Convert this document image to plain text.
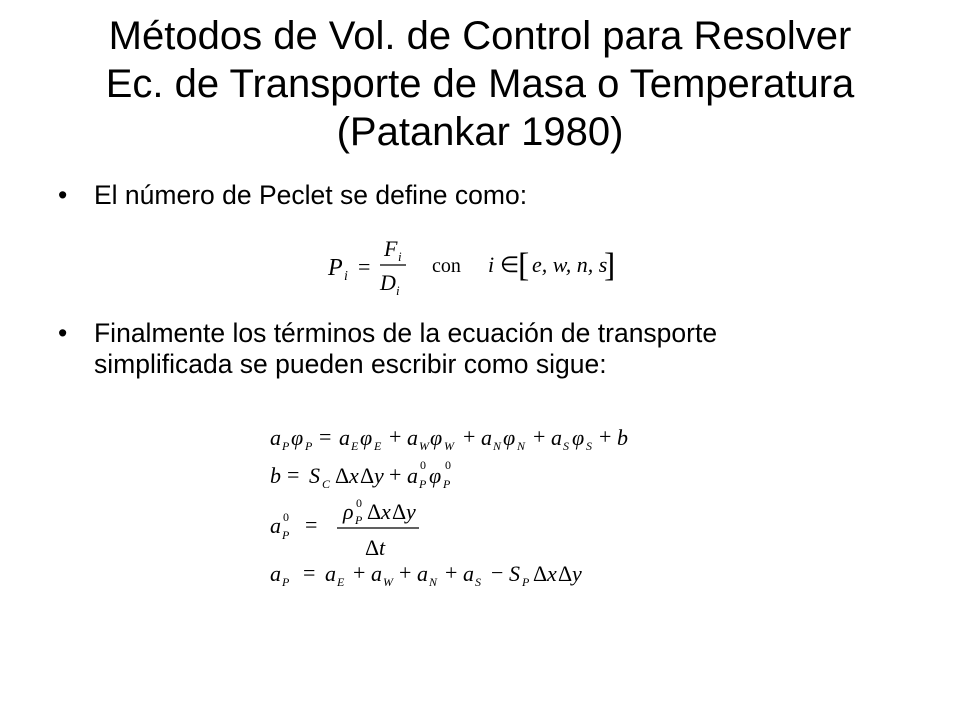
Métodos de Vol. de Control para Resolver
Ec. de Transporte de Masa o Temperatura
(Patankar 1980)
• El número de Peclet se define como:
P i =
F i
D i
con i ∈
[ e, w, n, s
]
• Finalmente los términos de la ecuación de transporte
simplificada se pueden escribir como sigue:
a P φ P = a E φ E + a W φ W + a N φ N + a S φ S + b
b = S C Δ x Δ y + a 0
P φ 0
P
a 0
P =
ρ 0
P Δ x Δ y
Δ t
a P = a E + a W + a N + a S − S P Δ x Δ y
